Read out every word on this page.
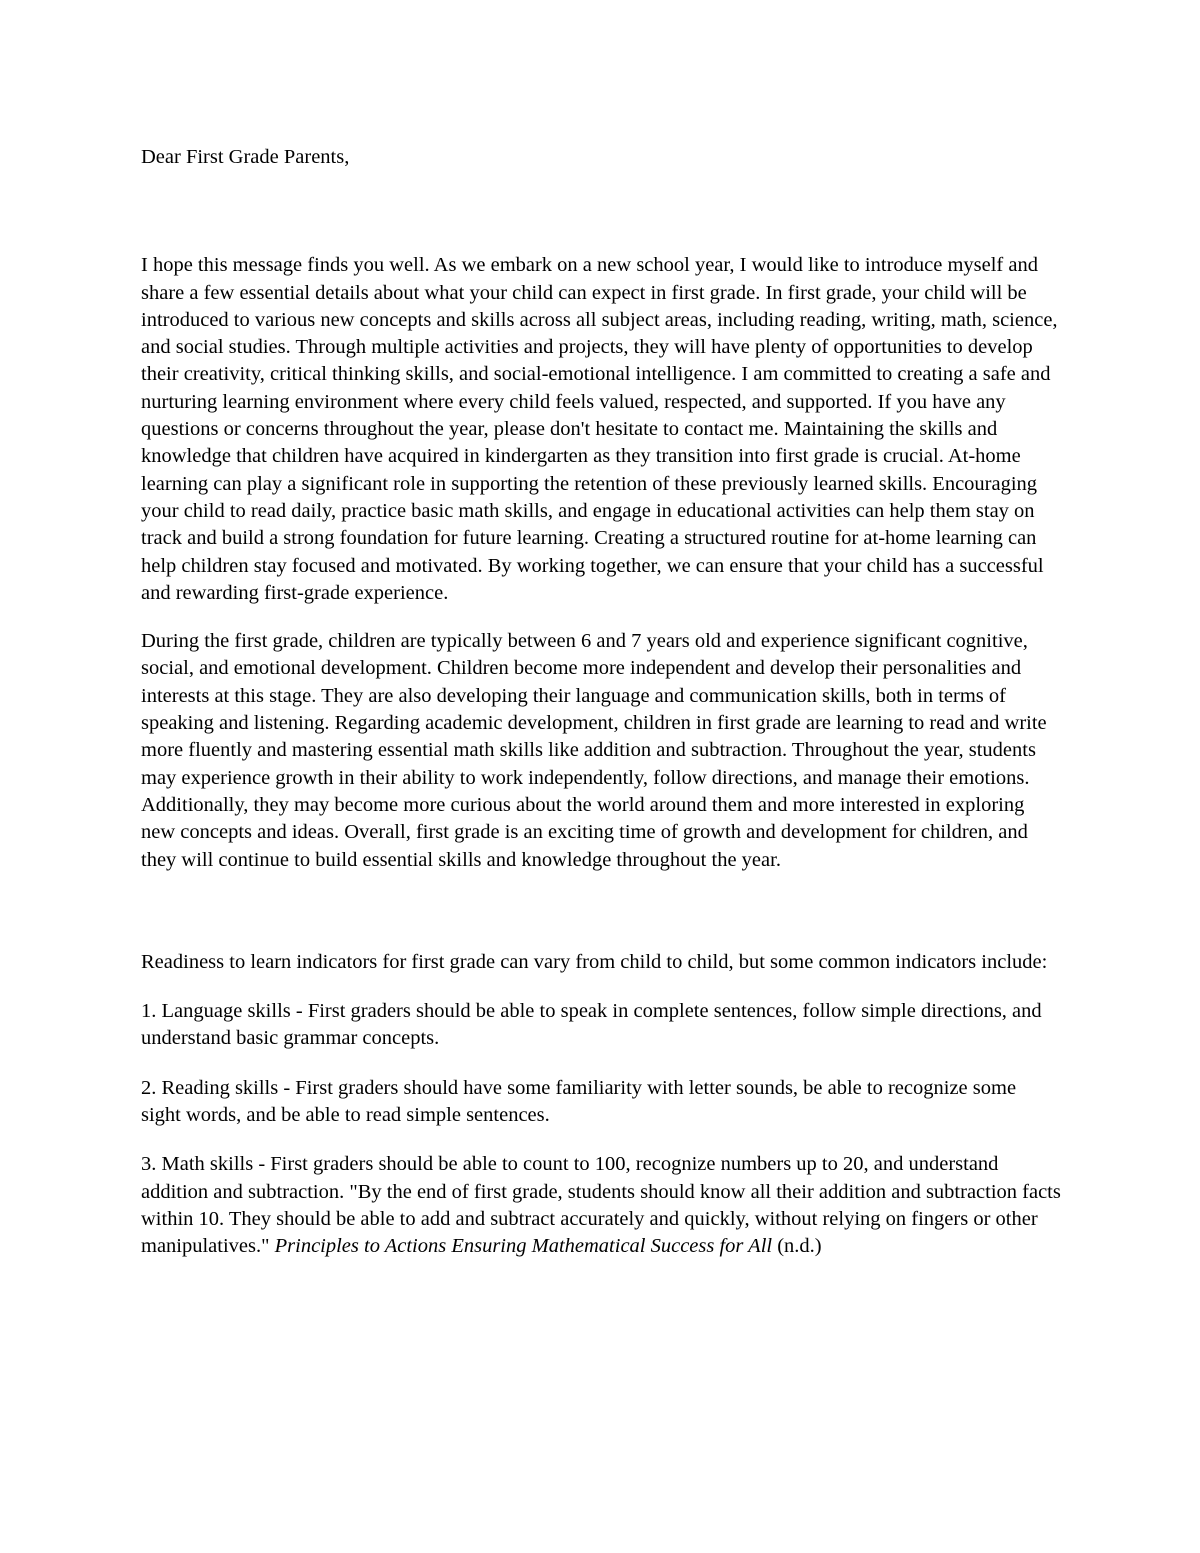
Dear First Grade Parents,

I hope this message finds you well. As we embark on a new school year, I would like to introduce myself and share a few essential details about what your child can expect in first grade. In first grade, your child will be introduced to various new concepts and skills across all subject areas, including reading, writing, math, science, and social studies. Through multiple activities and projects, they will have plenty of opportunities to develop their creativity, critical thinking skills, and social-emotional intelligence. I am committed to creating a safe and nurturing learning environment where every child feels valued, respected, and supported. If you have any questions or concerns throughout the year, please don't hesitate to contact me. Maintaining the skills and knowledge that children have acquired in kindergarten as they transition into first grade is crucial. At-home learning can play a significant role in supporting the retention of these previously learned skills. Encouraging your child to read daily, practice basic math skills, and engage in educational activities can help them stay on track and build a strong foundation for future learning. Creating a structured routine for at-home learning can help children stay focused and motivated. By working together, we can ensure that your child has a successful and rewarding first-grade experience.

During the first grade, children are typically between 6 and 7 years old and experience significant cognitive, social, and emotional development. Children become more independent and develop their personalities and interests at this stage. They are also developing their language and communication skills, both in terms of speaking and listening. Regarding academic development, children in first grade are learning to read and write more fluently and mastering essential math skills like addition and subtraction. Throughout the year, students may experience growth in their ability to work independently, follow directions, and manage their emotions. Additionally, they may become more curious about the world around them and more interested in exploring new concepts and ideas. Overall, first grade is an exciting time of growth and development for children, and they will continue to build essential skills and knowledge throughout the year.

Readiness to learn indicators for first grade can vary from child to child, but some common indicators include:

1. Language skills - First graders should be able to speak in complete sentences, follow simple directions, and understand basic grammar concepts.

2. Reading skills - First graders should have some familiarity with letter sounds, be able to recognize some sight words, and be able to read simple sentences.

3. Math skills - First graders should be able to count to 100, recognize numbers up to 20, and understand addition and subtraction. "By the end of first grade, students should know all their addition and subtraction facts within 10. They should be able to add and subtract accurately and quickly, without relying on fingers or other manipulatives." Principles to Actions Ensuring Mathematical Success for All (n.d.)
